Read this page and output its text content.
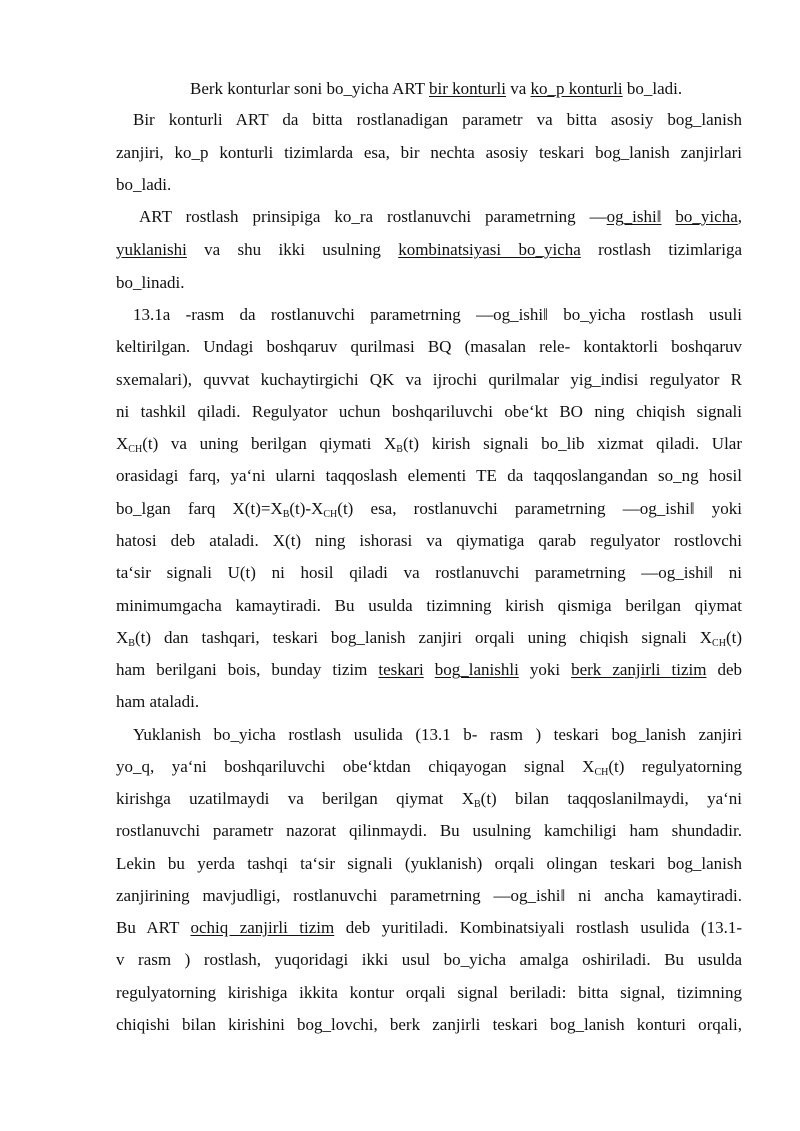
Berk konturlar soni bo_yicha ART bir konturli va ko_p konturli bo_ladi.
Bir konturli ART da bitta rostlanadigan parametr va bitta asosiy bog_lanish
zanjiri, ko_p konturli tizimlarda esa, bir nechta asosiy teskari bog_lanish zanjirlari
bo_ladi.
ART rostlash prinsipiga ko_ra rostlanuvchi parametrning ―og_ishi‖ bo_yicha,
yuklanishi va shu ikki usulning kombinatsiyasi bo_yicha rostlash tizimlariga
bo_linadi.
13.1a -rasm da rostlanuvchi parametrning ―og_ishi‖ bo_yicha rostlash usuli
keltirilgan. Undagi boshqaruv qurilmasi BQ (masalan rele- kontaktorli boshqaruv
sxemalari), quvvat kuchaytirgichi QK va ijrochi qurilmalar yig_indisi regulyator R
ni tashkil qiladi. Regulyator uchun boshqariluvchi obe‘kt BO ning chiqish signali
$X_{CH}(t)$ va uning berilgan qiymati $X_B(t)$ kirish signali bo_lib xizmat qiladi. Ular
orasidagi farq, ya‘ni ularni taqqoslash elementi TE da taqqoslangandan so_ng hosil
bo_lgan farq $X(t)=X_B(t)-X_{CH}(t)$ esa, rostlanuvchi parametrning ―og_ishi‖ yoki
hatosi deb ataladi. X(t) ning ishorasi va qiymatiga qarab regulyator rostlovchi
ta‘sir signali U(t) ni hosil qiladi va rostlanuvchi parametrning ―og_ishi‖ ni
minimumgacha kamaytiradi. Bu usulda tizimning kirish qismiga berilgan qiymat
$X_B(t)$ dan tashqari, teskari bog_lanish zanjiri orqali uning chiqish signali $X_{CH}(t)$
ham berilgani bois, bunday tizim teskari bog_lanishli yoki berk zanjirli tizim deb
ham ataladi.
Yuklanish bo_yicha rostlash usulida (13.1 b- rasm ) teskari bog_lanish zanjiri
yo_q, ya‘ni boshqariluvchi obe‘ktdan chiqayogan signal $X_{CH}(t)$ regulyatorning
kirishga uzatilmaydi va berilgan qiymat $X_B(t)$ bilan taqqoslanilmaydi, ya‘ni
rostlanuvchi parametr nazorat qilinmaydi. Bu usulning kamchiligi ham shundadir.
Lekin bu yerda tashqi ta‘sir signali (yuklanish) orqali olingan teskari bog_lanish
zanjirining mavjudligi, rostlanuvchi parametrning ―og_ishi‖ ni ancha kamaytiradi.
Bu ART ochiq zanjirli tizim deb yuritiladi. Kombinatsiyali rostlash usulida (13.1-
v rasm ) rostlash, yuqoridagi ikki usul bo_yicha amalga oshiriladi. Bu usulda
regulyatorning kirishiga ikkita kontur orqali signal beriladi: bitta signal, tizimning
chiqishi bilan kirishini bog_lovchi, berk zanjirli teskari bog_lanish konturi orqali,
